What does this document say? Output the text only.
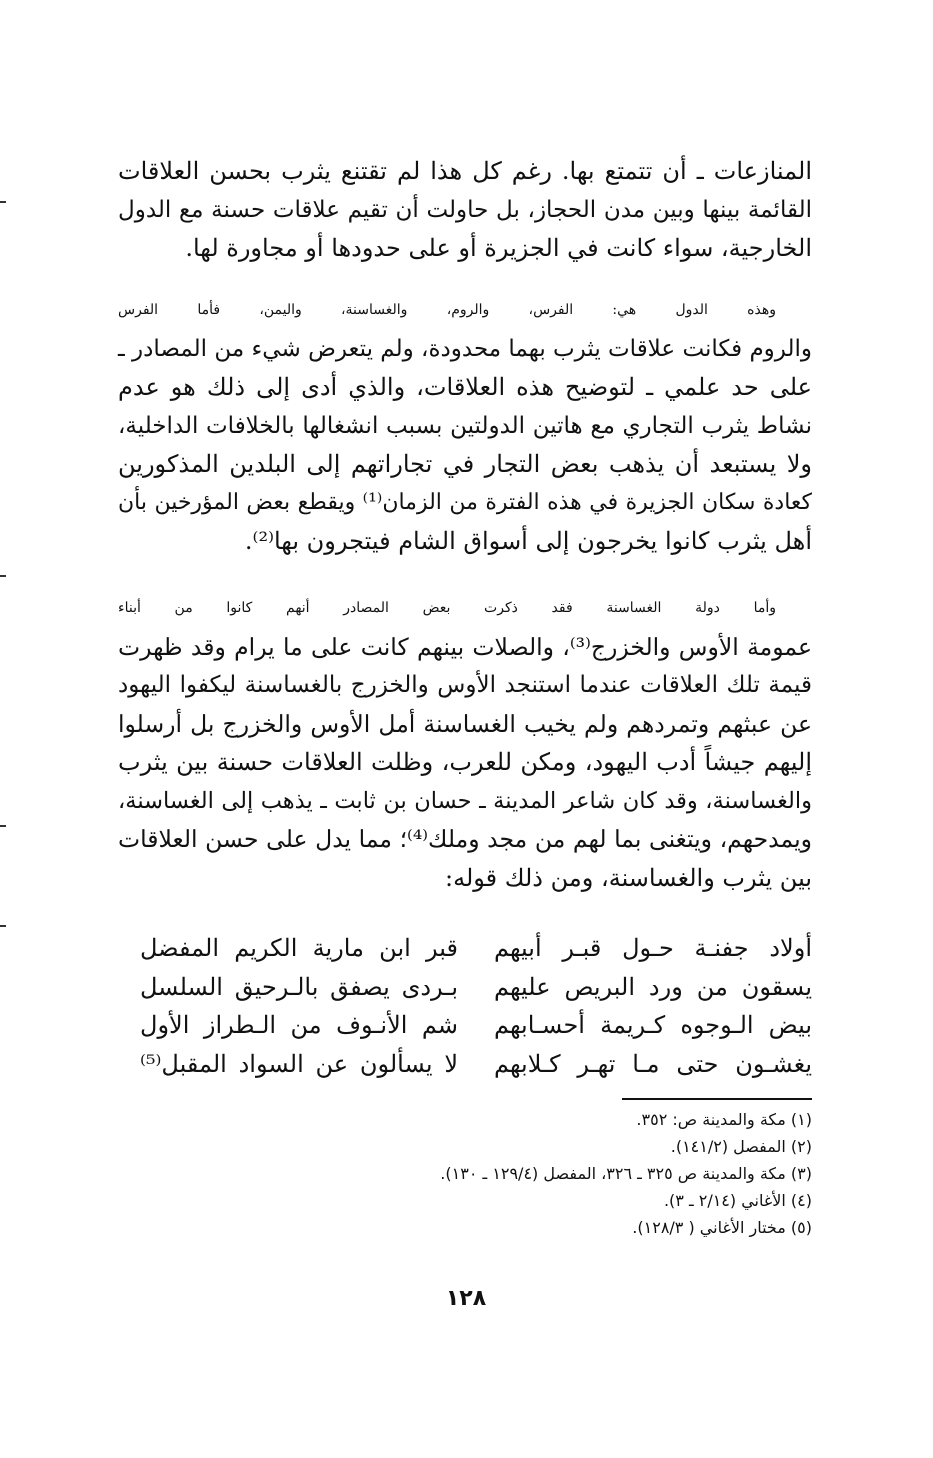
المنازعات ـ أن تتمتع بها. رغم كل هذا لم تقتنع يثرب بحسن العلاقات
القائمة بينها وبين مدن الحجاز، بل حاولت أن تقيم علاقات حسنة مع الدول
الخارجية، سواء كانت في الجزيرة أو على حدودها أو مجاورة لها.
وهذه الدول هي: الفرس، والروم، والغساسنة، واليمن، فأما الفرس
والروم فكانت علاقات يثرب بهما محدودة، ولم يتعرض شيء من المصادر ـ
على حد علمي ـ لتوضيح هذه العلاقات، والذي أدى إلى ذلك هو عدم
نشاط يثرب التجاري مع هاتين الدولتين بسبب انشغالها بالخلافات الداخلية،
ولا يستبعد أن يذهب بعض التجار في تجاراتهم إلى البلدين المذكورين
كعادة سكان الجزيرة في هذه الفترة من الزمان⁽¹⁾ ويقطع بعض المؤرخين بأن
أهل يثرب كانوا يخرجون إلى أسواق الشام فيتجرون بها⁽²⁾.
وأما دولة الغساسنة فقد ذكرت بعض المصادر أنهم كانوا من أبناء
عمومة الأوس والخزرج⁽³⁾، والصلات بينهم كانت على ما يرام وقد ظهرت
قيمة تلك العلاقات عندما استنجد الأوس والخزرج بالغساسنة ليكفوا اليهود
عن عبثهم وتمردهم ولم يخيب الغساسنة أمل الأوس والخزرج بل أرسلوا
إليهم جيشاً أدب اليهود، ومكن للعرب، وظلت العلاقات حسنة بين يثرب
والغساسنة، وقد كان شاعر المدينة ـ حسان بن ثابت ـ يذهب إلى الغساسنة،
ويمدحهم، ويتغنى بما لهم من مجد وملك⁽⁴⁾؛ مما يدل على حسن العلاقات
بين يثرب والغساسنة، ومن ذلك قوله:
أولاد جفنـة حـول قبـر أبيهم
قبر ابن مارية الكريم المفضل
يسقون من ورد البريص عليهم
بـردى يصفق بالـرحيق السلسل
بيض الـوجوه كـريمة أحسـابهم
شم الأنـوف من الـطراز الأول
يغشـون حتى مـا تهـر كـلابهم
لا يسألون عن السواد المقبل⁽⁵⁾
(١) مكة والمدينة ص: ٣٥٢.
(٢) المفصل (١٤١/٢).
(٣) مكة والمدينة ص ٣٢٥ ـ ٣٢٦، المفصل (١٢٩/٤ ـ ١٣٠).
(٤) الأغاني (٢/١٤ ـ ٣).
(٥) مختار الأغاني ( ١٢٨/٣).
١٢٨
